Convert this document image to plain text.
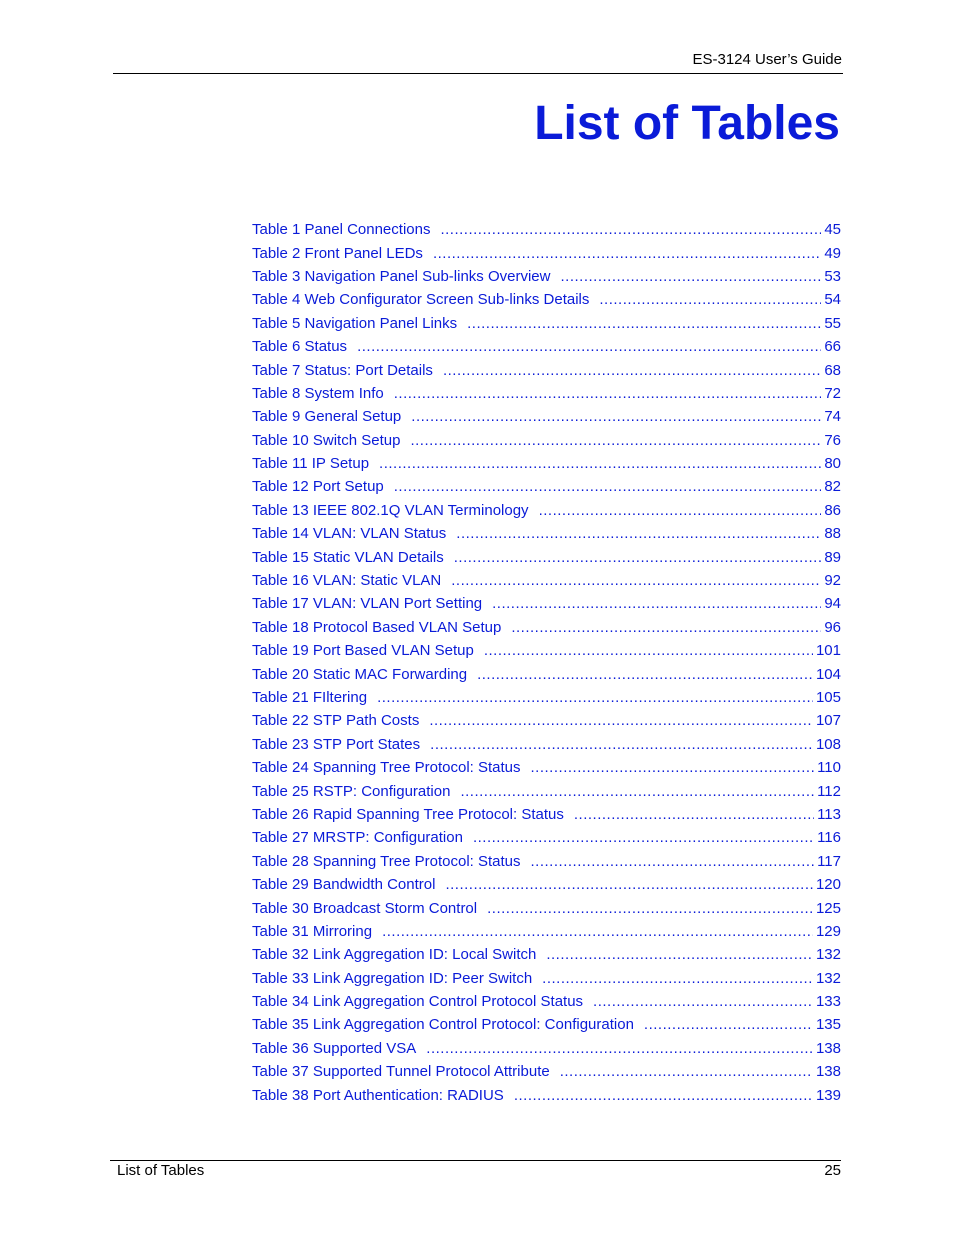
ES-3124 User’s Guide
List of Tables
Table 1 Panel Connections .....	45
Table 2 Front Panel LEDs .....	49
Table 3 Navigation Panel Sub-links Overview .....	53
Table 4 Web Configurator Screen Sub-links Details .....	54
Table 5 Navigation Panel Links .....	55
Table 6 Status .....	66
Table 7 Status: Port Details .....	68
Table 8 System Info .....	72
Table 9 General Setup .....	74
Table 10 Switch Setup .....	76
Table 11 IP Setup .....	80
Table 12 Port Setup .....	82
Table 13 IEEE 802.1Q VLAN Terminology .....	86
Table 14 VLAN: VLAN Status .....	88
Table 15 Static VLAN Details .....	89
Table 16 VLAN: Static VLAN .....	92
Table 17 VLAN: VLAN Port Setting .....	94
Table 18 Protocol Based VLAN Setup .....	96
Table 19 Port Based VLAN Setup .....	101
Table 20 Static MAC Forwarding .....	104
Table 21 FIltering .....	105
Table 22 STP Path Costs .....	107
Table 23 STP Port States .....	108
Table 24 Spanning Tree Protocol: Status .....	110
Table 25 RSTP: Configuration .....	112
Table 26 Rapid Spanning Tree Protocol: Status .....	113
Table 27 MRSTP: Configuration .....	116
Table 28 Spanning Tree Protocol: Status .....	117
Table 29 Bandwidth Control .....	120
Table 30 Broadcast Storm Control .....	125
Table 31 Mirroring .....	129
Table 32 Link Aggregation ID: Local Switch .....	132
Table 33 Link Aggregation ID: Peer Switch .....	132
Table 34 Link Aggregation Control Protocol Status .....	133
Table 35 Link Aggregation Control Protocol: Configuration .....	135
Table 36 Supported VSA .....	138
Table 37 Supported Tunnel Protocol Attribute .....	138
Table 38 Port Authentication: RADIUS .....	139
List of Tables	25
